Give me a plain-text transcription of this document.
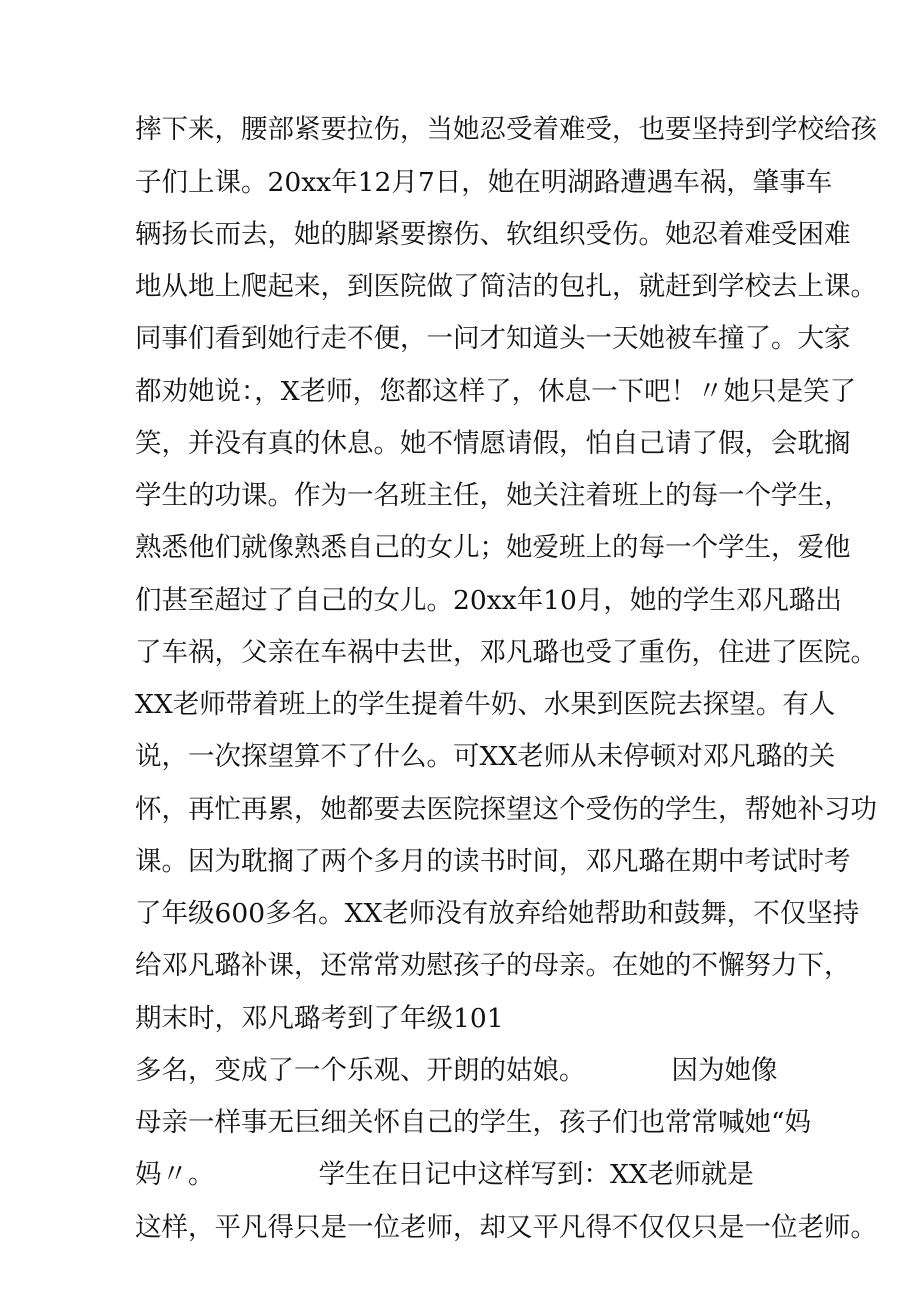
摔下来，腰部紧要拉伤，当她忍受着难受，也要坚持到学校给孩
子们上课。20xx年12月7日，她在明湖路遭遇车祸，肇事车
辆扬长而去，她的脚紧要擦伤、软组织受伤。她忍着难受困难
地从地上爬起来，到医院做了简洁的包扎，就赶到学校去上课。
同事们看到她行走不便，一问才知道头一天她被车撞了。大家
都劝她说：，X老师，您都这样了，休息一下吧！〃她只是笑了
笑，并没有真的休息。她不情愿请假，怕自己请了假，会耽搁
学生的功课。作为一名班主任，她关注着班上的每一个学生，
熟悉他们就像熟悉自己的女儿；她爱班上的每一个学生，爱他
们甚至超过了自己的女儿。20xx年10月，她的学生邓凡璐出
了车祸，父亲在车祸中去世，邓凡璐也受了重伤，住进了医院。
XX老师带着班上的学生提着牛奶、水果到医院去探望。有人
说，一次探望算不了什么。可XX老师从未停顿对邓凡璐的关
怀，再忙再累，她都要去医院探望这个受伤的学生，帮她补习功
课。因为耽搁了两个多月的读书时间，邓凡璐在期中考试时考
了年级600多名。XX老师没有放弃给她帮助和鼓舞，不仅坚持
给邓凡璐补课，还常常劝慰孩子的母亲。在她的不懈努力下，
期末时，邓凡璐考到了年级101
多名，变成了一个乐观、开朗的姑娘。	因为她像
母亲一样事无巨细关怀自己的学生，孩子们也常常喊她“妈
妈〃。	学生在日记中这样写到：XX老师就是
这样，平凡得只是一位老师，却又平凡得不仅仅只是一位老师。
